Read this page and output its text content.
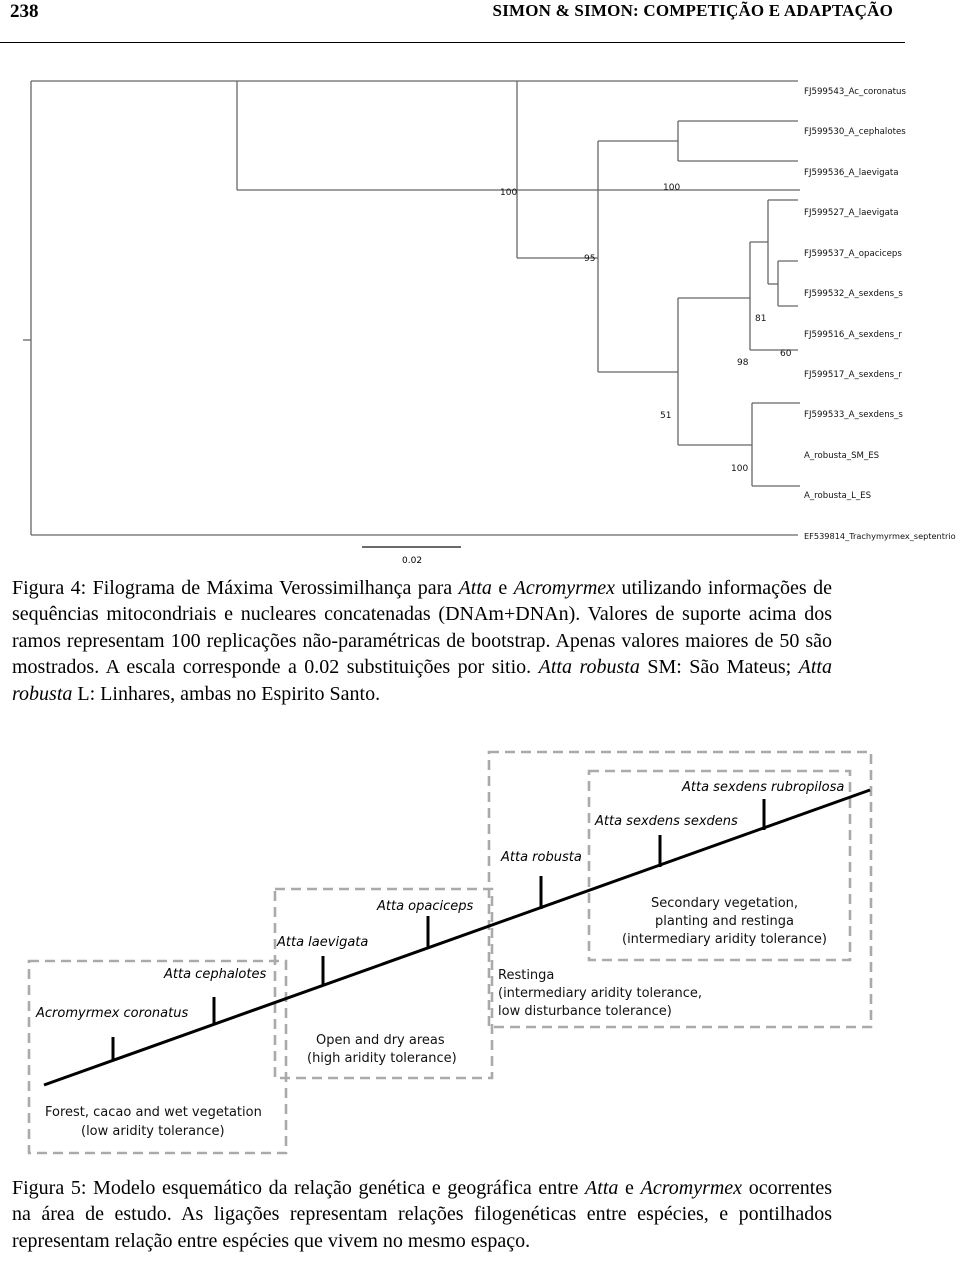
238	SIMON & SIMON: COMPETIÇÃO E ADAPTAÇÃO
FJ599543_Ac_coronatus
FJ599530_A_cephalotes
FJ599536_A_laevigata
FJ599527_A_laevigata
FJ599537_A_opaciceps
FJ599532_A_sexdens_s
FJ599516_A_sexdens_r
FJ599517_A_sexdens_r
FJ599533_A_sexdens_s
A_robusta_SM_ES
A_robusta_L_ES
EF539814_Trachymyrmex_septentrio
100	100
95
81
60
98
51
100
0.02

Figura 4: Filograma de Máxima Verossimilhança para Atta e Acromyrmex utilizando informações de sequências mitocondriais e nucleares concatenadas (DNAm+DNAn). Valores de suporte acima dos ramos representam 100 replicações não-paramétricas de bootstrap. Apenas valores maiores de 50 são mostrados. A escala corresponde a 0.02 substituições por sitio. Atta robusta SM: São Mateus; Atta robusta L: Linhares, ambas no Espirito Santo.

Acromyrmex coronatus
Atta cephalotes
Atta laevigata
Atta opaciceps
Atta robusta
Atta sexdens sexdens
Atta sexdens rubropilosa
Forest, cacao and wet vegetation
(low aridity tolerance)
Open and dry areas
(high aridity tolerance)
Restinga
(intermediary aridity tolerance,
low disturbance tolerance)
Secondary vegetation,
planting and restinga
(intermediary aridity tolerance)

Figura 5: Modelo esquemático da relação genética e geográfica entre Atta e Acromyrmex ocorrentes na área de estudo. As ligações representam relações filogenéticas entre espécies, e pontilhados representam relação entre espécies que vivem no mesmo espaço.
